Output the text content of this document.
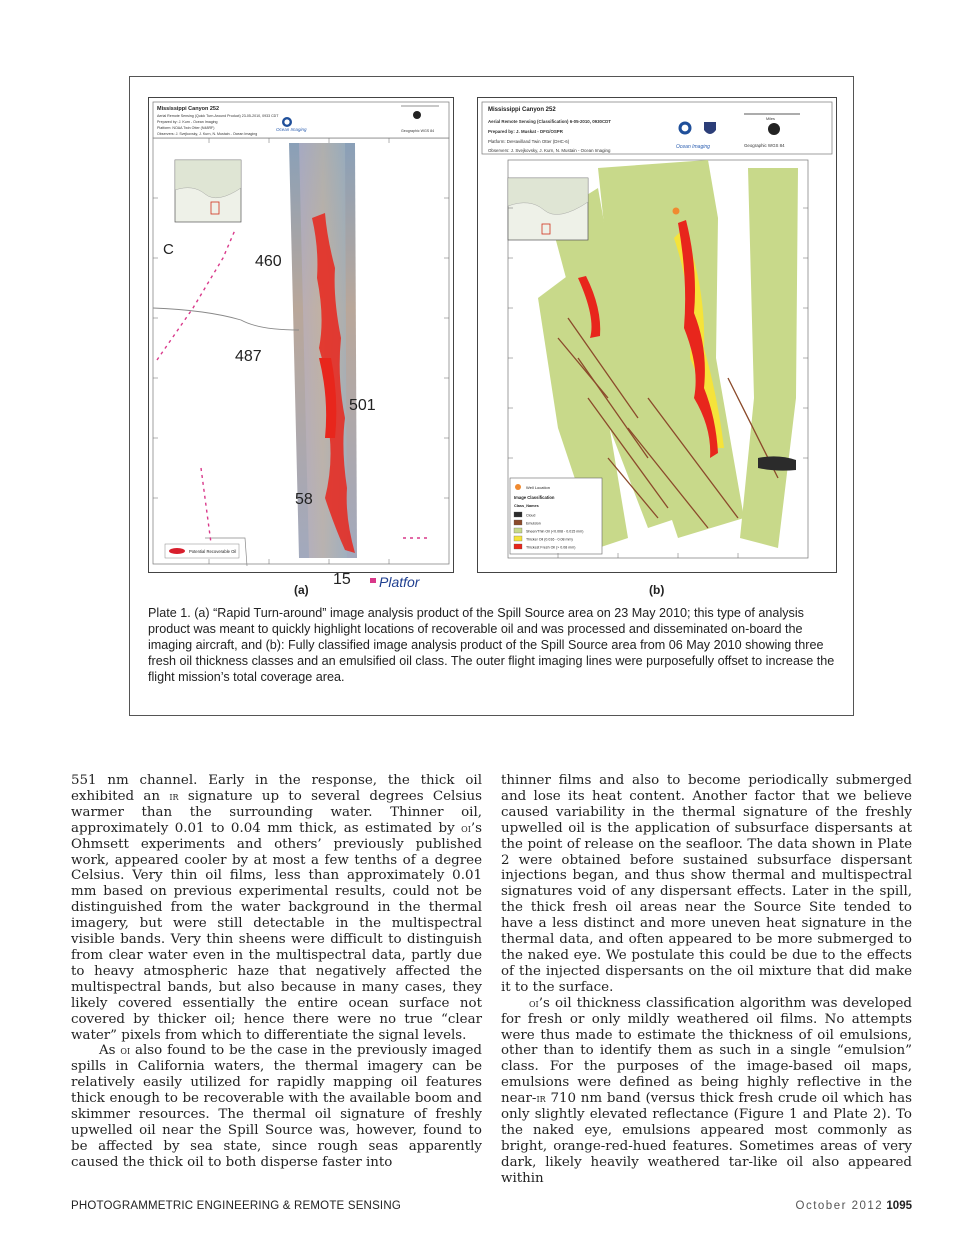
Mississippi Canyon 252
Aerial Remote Sensing (Quick Turn-Around Product) 23-05-2010, 0933 CDT
Prepared by: J. Kurn - Ocean Imaging
Platform: NOAA Twin Otter (N48RF)
Observers: J. Svejkovsky, J. Kurn, N. Mustain - Ocean Imaging
Ocean Imaging	Geographic WGS 84
460
487
501
58
15 Platfor
C
Potential Recoverable Oil
Mississippi Canyon 252
Aerial Remote Sensing (Classification) 6-05-2010, 0930CDT
Prepared by: J. Muskat - DFG/OSPR
Platform: DeHavilland Twin Otter (DHC-6)
Observers: J. Svejkovsky, J. Kurn, N. Mustain - Ocean Imaging
Ocean Imaging	Geographic WGS 84
Miles
Well Location
Image Classification
Class_Names
Cloud
Emulsion
Sheen/Thin Oil (<0.008 - 0.015 mm)
Thicker Oil (0.016 - 0.08 mm)
Thickest Fresh Oil (> 0.08 mm)
(a)	(b)
Plate 1. (a) “Rapid Turn-around” image analysis product of the Spill Source area on 23 May 2010; this type of analysis product was meant to quickly highlight locations of recoverable oil and was processed and disseminated on-board the imaging aircraft, and (b): Fully classified image analysis product of the Spill Source area from 06 May 2010 showing three fresh oil thickness classes and an emulsified oil class. The outer flight imaging lines were purposefully offset to increase the flight mission’s total coverage area.

551 nm channel. Early in the response, the thick oil exhibited an ir signature up to several degrees Celsius warmer than the surrounding water. Thinner oil, approximately 0.01 to 0.04 mm thick, as estimated by oi’s Ohmsett experiments and others’ previously published work, appeared cooler by at most a few tenths of a degree Celsius. Very thin oil films, less than approximately 0.01 mm based on previous experimental results, could not be distinguished from the water background in the thermal imagery, but were still detectable in the multispectral visible bands. Very thin sheens were difficult to distinguish from clear water even in the multispectral data, partly due to heavy atmospheric haze that negatively affected the multispectral bands, but also because in many cases, they likely covered essentially the entire ocean surface not covered by thicker oil; hence there were no true “clear water” pixels from which to differentiate the signal levels.

As oi also found to be the case in the previously imaged spills in California waters, the thermal imagery can be relatively easily utilized for rapidly mapping oil features thick enough to be recoverable with the available boom and skimmer resources. The thermal oil signature of freshly upwelled oil near the Spill Source was, however, found to be affected by sea state, since rough seas apparently caused the thick oil to both disperse faster into

thinner films and also to become periodically submerged and lose its heat content. Another factor that we believe caused variability in the thermal signature of the freshly upwelled oil is the application of subsurface dispersants at the point of release on the seafloor. The data shown in Plate 2 were obtained before sustained subsurface dispersant injections began, and thus show thermal and multispectral signatures void of any dispersant effects. Later in the spill, the thick fresh oil areas near the Source Site tended to have a less distinct and more uneven heat signature in the thermal data, and often appeared to be more submerged to the naked eye. We postulate this could be due to the effects of the injected dispersants on the oil mixture that did make it to the surface.

oi’s oil thickness classification algorithm was developed for fresh or only mildly weathered oil films. No attempts were thus made to estimate the thickness of oil emulsions, other than to identify them as such in a single “emulsion” class. For the purposes of the image-based oil maps, emulsions were defined as being highly reflective in the near-ir 710 nm band (versus thick fresh crude oil which has only slightly elevated reflectance (Figure 1 and Plate 2). To the naked eye, emulsions appeared most commonly as bright, orange-red-hued features. Sometimes areas of very dark, likely heavily weathered tar-like oil also appeared within

PHOTOGRAMMETRIC ENGINEERING & REMOTE SENSING	October 2012 1095
